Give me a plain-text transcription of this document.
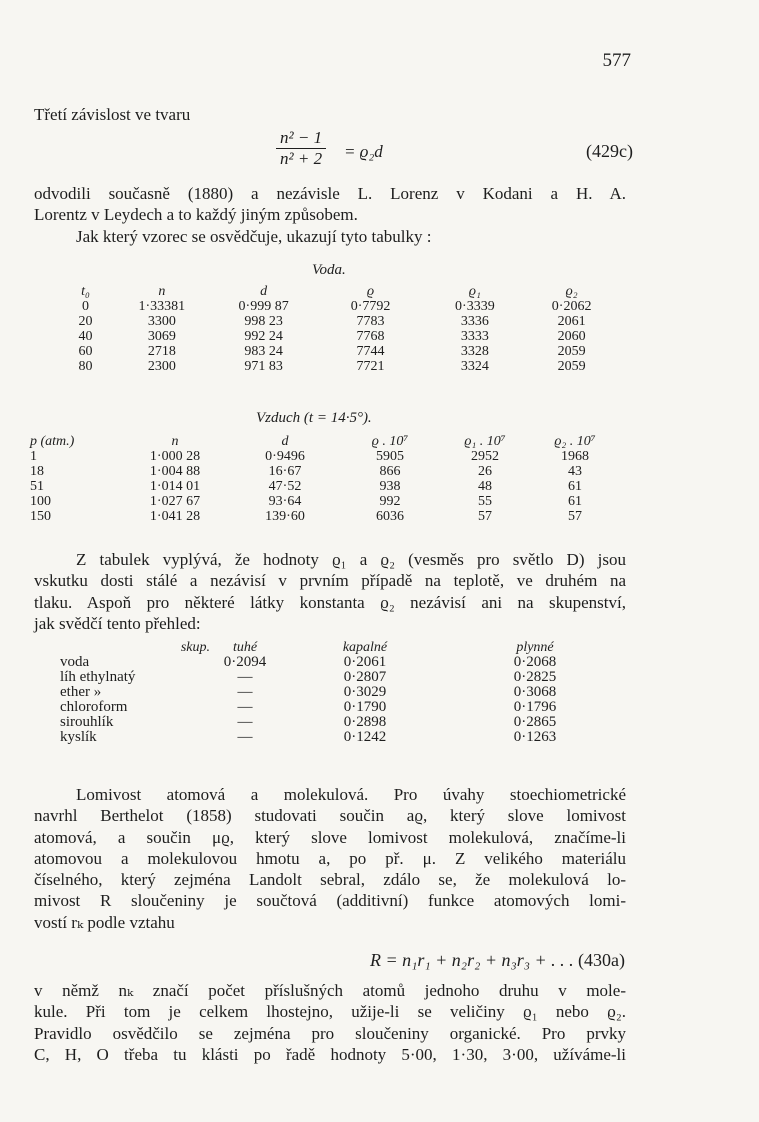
577
Třetí závislost ve tvaru
$\frac{\text{n² − 1}}{\text{n² + 2}} = ϱ_2d$	(429c)
odvodili současně (1880) a nezávisle L. Lorenz v Kodani a H. A.
Lorentz v Leydech a to každý jiným způsobem.
Jak který vzorec se osvědčuje, ukazují tyto tabulky :
Voda.
t₀	n	d	ϱ	ϱ₁	ϱ₂
0	1·33381	0·999 87	0·7792	0·3339	0·2062
20	3300	998 23	7783	3336	2061
40	3069	992 24	7768	3333	2060
60	2718	983 24	7744	3328	2059
80	2300	971 83	7721	3324	2059
Vzduch (t = 14·5°).
p (atm.)	n	d	ϱ . 10⁷	ϱ₁ . 10⁷	ϱ₂ . 10⁷
1	1·000 28	0·9496	5905	2952	1968
18	1·004 88	16·67	866	26	43
51	1·014 01	47·52	938	48	61
100	1·027 67	93·64	992	55	61
150	1·041 28	139·60	6036	57	57
Z tabulek vyplývá, že hodnoty ϱ₁ a ϱ₂ (vesměs pro světlo D) jsou
vskutku dosti stálé a nezávisí v prvním případě na teplotě, ve druhém na
tlaku. Aspoň pro některé látky konstanta ϱ₂ nezávisí ani na skupenství,
jak svědčí tento přehled:
skup.	tuhé	kapalné	plynné
voda	0·2094	0·2061	0·2068
líh ethylnatý	—	0·2807	0·2825
ether »	—	0·3029	0·3068
chloroform	—	0·1790	0·1796
sirouhlík	—	0·2898	0·2865
kyslík	—	0·1242	0·1263
Lomivost atomová a molekulová. Pro úvahy stoechiometrické
navrhl Berthelot (1858) studovati součin aϱ, který slove lomivost
atomová, a součin μϱ, který slove lomivost molekulová, značíme-li
atomovou a molekulovou hmotu a, po př. μ. Z velikého materiálu
číselného, který zejména Landolt sebral, zdálo se, že molekulová lo-
mivost R sloučeniny je součtová (additivní) funkce atomových lomi-
vostí rₖ podle vztahu
R = n₁r₁ + n₂r₂ + n₃r₃ + . . . (430a)
v němž nₖ značí počet příslušných atomů jednoho druhu v mole-
kule. Při tom je celkem lhostejno, užije-li se veličiny ϱ₁ nebo ϱ₂.
Pravidlo osvědčilo se zejména pro sloučeniny organické. Pro prvky
C, H, O třeba tu klásti po řadě hodnoty 5·00, 1·30, 3·00, užíváme-li
